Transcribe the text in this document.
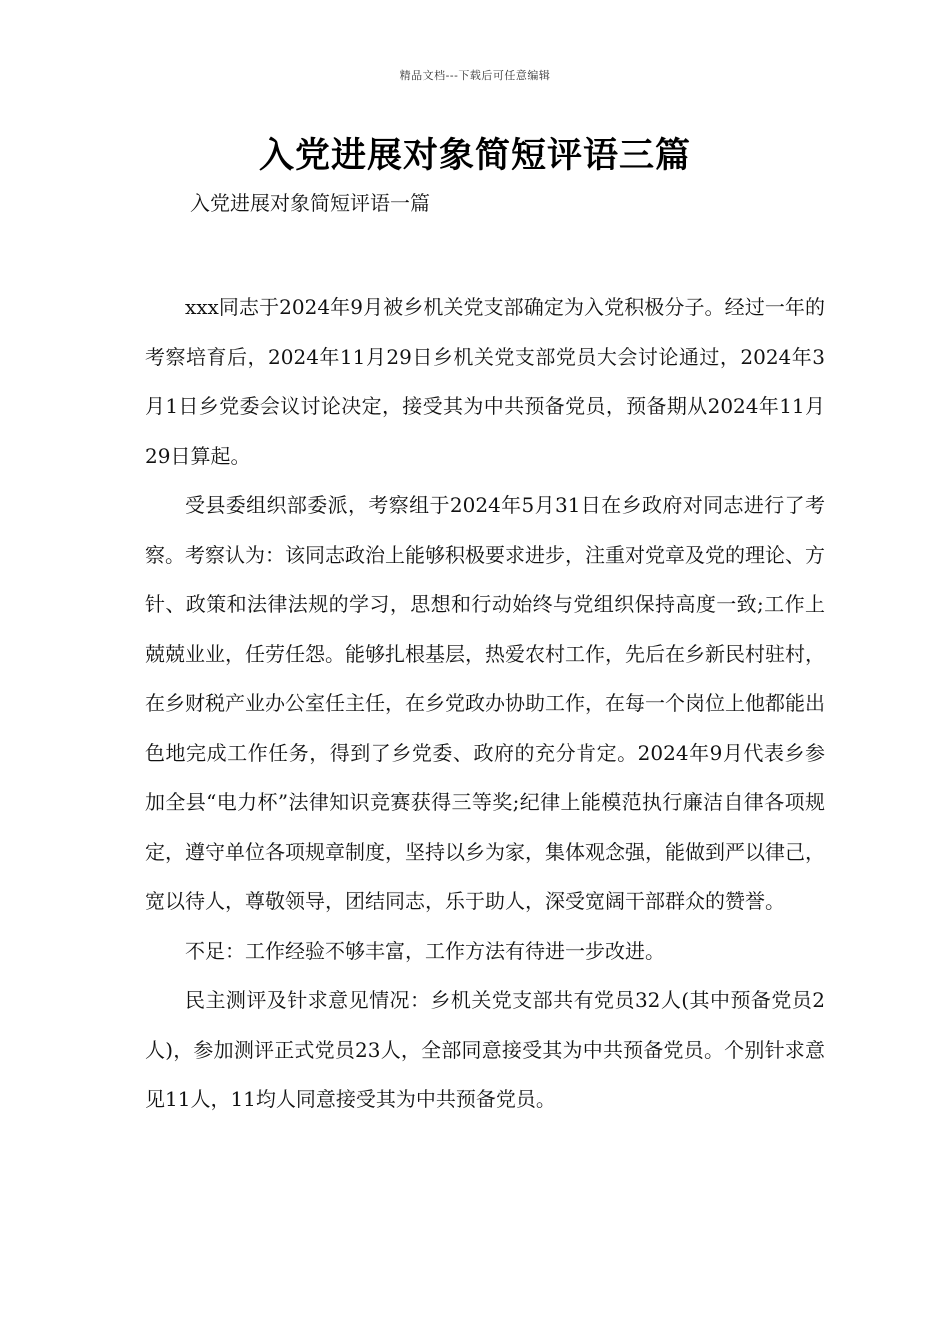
精品文档---下载后可任意编辑
入党进展对象简短评语三篇
入党进展对象简短评语一篇

xxx同志于2024年9月被乡机关党支部确定为入党积极分子。经过一年的考察培育后，2024年11月29日乡机关党支部党员大会讨论通过，2024年3月1日乡党委会议讨论决定，接受其为中共预备党员，预备期从2024年11月29日算起。

受县委组织部委派，考察组于2024年5月31日在乡政府对同志进行了考察。考察认为：该同志政治上能够积极要求进步，注重对党章及党的理论、方针、政策和法律法规的学习，思想和行动始终与党组织保持高度一致;工作上兢兢业业，任劳任怨。能够扎根基层，热爱农村工作，先后在乡新民村驻村，在乡财税产业办公室任主任，在乡党政办协助工作，在每一个岗位上他都能出色地完成工作任务，得到了乡党委、政府的充分肯定。2024年9月代表乡参加全县“电力杯”法律知识竞赛获得三等奖;纪律上能模范执行廉洁自律各项规定，遵守单位各项规章制度，坚持以乡为家，集体观念强，能做到严以律己，宽以待人，尊敬领导，团结同志，乐于助人，深受宽阔干部群众的赞誉。

不足：工作经验不够丰富，工作方法有待进一步改进。

民主测评及针求意见情况：乡机关党支部共有党员32人(其中预备党员2人)，参加测评正式党员23人，全部同意接受其为中共预备党员。个别针求意见11人，11均人同意接受其为中共预备党员。
